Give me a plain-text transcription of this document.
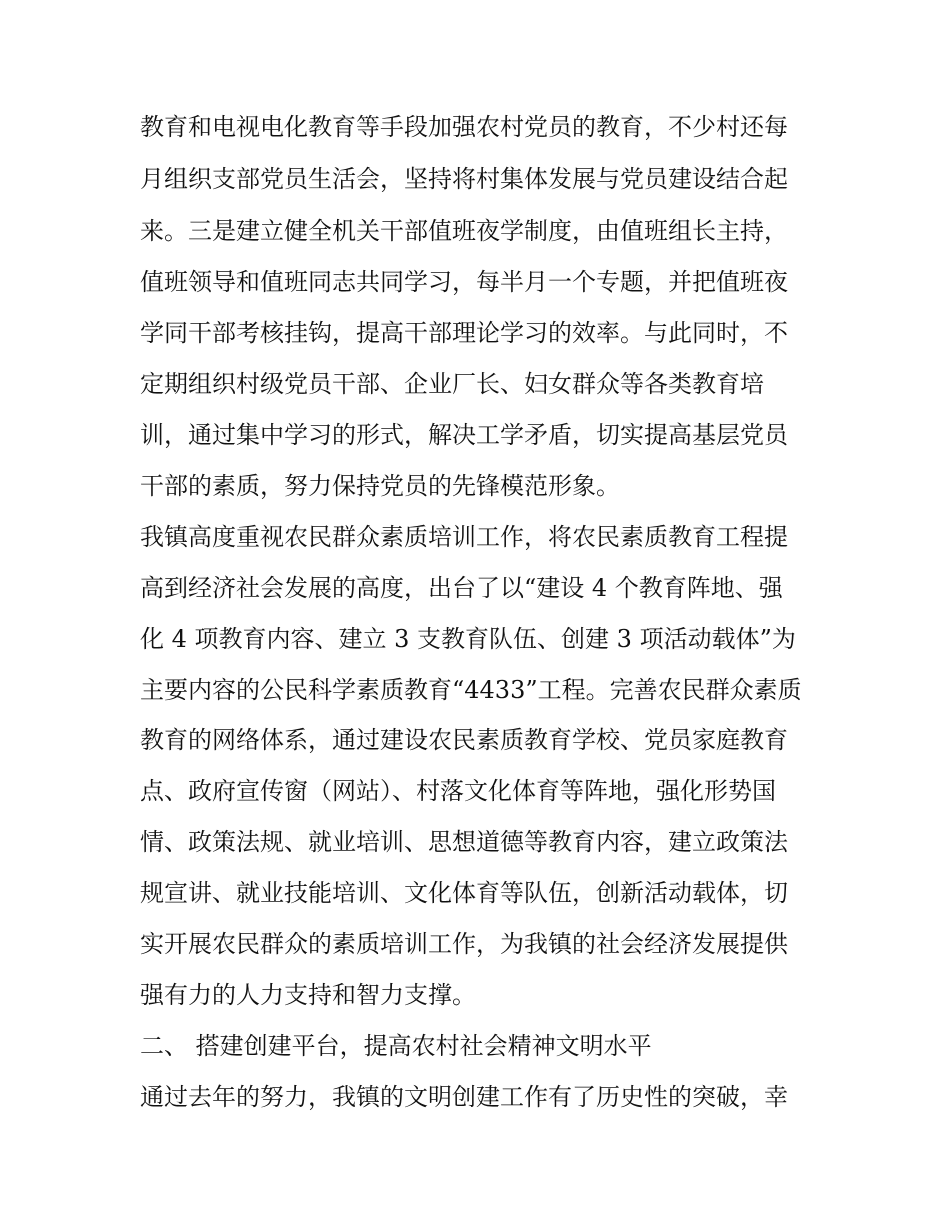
教育和电视电化教育等手段加强农村党员的教育，不少村还每
月组织支部党员生活会，坚持将村集体发展与党员建设结合起
来。三是建立健全机关干部值班夜学制度，由值班组长主持，
值班领导和值班同志共同学习，每半月一个专题，并把值班夜
学同干部考核挂钩，提高干部理论学习的效率。与此同时，不
定期组织村级党员干部、企业厂长、妇女群众等各类教育培
训，通过集中学习的形式，解决工学矛盾，切实提高基层党员
干部的素质，努力保持党员的先锋模范形象。
我镇高度重视农民群众素质培训工作，将农民素质教育工程提
高到经济社会发展的高度，出台了以“建设 4 个教育阵地、强
化 4 项教育内容、建立 3 支教育队伍、创建 3 项活动载体”为
主要内容的公民科学素质教育“4433”工程。完善农民群众素质
教育的网络体系，通过建设农民素质教育学校、党员家庭教育
点、政府宣传窗（网站）、村落文化体育等阵地，强化形势国
情、政策法规、就业培训、思想道德等教育内容，建立政策法
规宣讲、就业技能培训、文化体育等队伍，创新活动载体，切
实开展农民群众的素质培训工作，为我镇的社会经济发展提供
强有力的人力支持和智力支撑。
二、 搭建创建平台，提高农村社会精神文明水平
通过去年的努力，我镇的文明创建工作有了历史性的突破，幸
